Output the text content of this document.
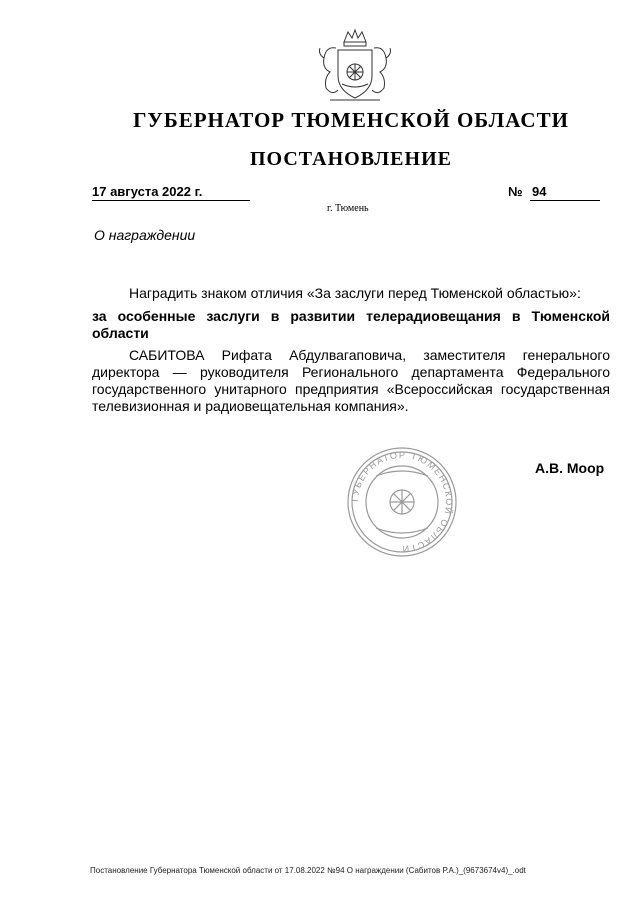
ГУБЕРНАТОР ТЮМЕНСКОЙ ОБЛАСТИ
ПОСТАНОВЛЕНИЕ
17 августа 2022 г.	№ 94
г. Тюмень
О награждении
Наградить знаком отличия «За заслуги перед Тюменской областью»:
за особенные заслуги в развитии телерадиовещания в Тюменской области
САБИТОВА Рифата Абдулвагаповича, заместителя генерального директора — руководителя Регионального департамента Федерального государственного унитарного предприятия «Всероссийская государственная телевизионная и радиовещательная компания».
ГУБЕРНАТОР ТЮМЕНСКОЙ ОБЛАСТИ
А.В. Моор
Постановление Губернатора Тюменской области от 17.08.2022 №94 О награждении (Сабитов Р.А.)_(9673674v4)_.odt
